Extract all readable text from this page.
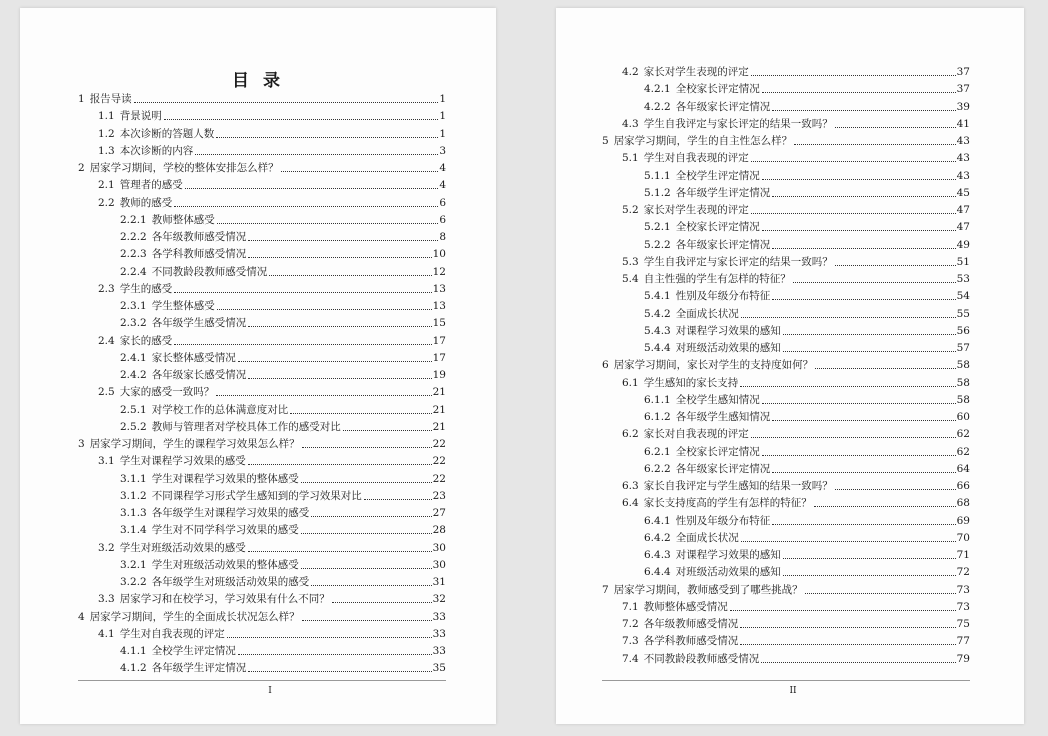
目 录
1 报告导读	1
1.1 背景说明	1
1.2 本次诊断的答题人数	1
1.3 本次诊断的内容	3
2 居家学习期间，学校的整体安排怎么样？	4
2.1 管理者的感受	4
2.2 教师的感受	6
2.2.1 教师整体感受	6
2.2.2 各年级教师感受情况	8
2.2.3 各学科教师感受情况	10
2.2.4 不同教龄段教师感受情况	12
2.3 学生的感受	13
2.3.1 学生整体感受	13
2.3.2 各年级学生感受情况	15
2.4 家长的感受	17
2.4.1 家长整体感受情况	17
2.4.2 各年级家长感受情况	19
2.5 大家的感受一致吗？	21
2.5.1 对学校工作的总体满意度对比	21
2.5.2 教师与管理者对学校具体工作的感受对比	21
3 居家学习期间，学生的课程学习效果怎么样？	22
3.1 学生对课程学习效果的感受	22
3.1.1 学生对课程学习效果的整体感受	22
3.1.2 不同课程学习形式学生感知到的学习效果对比	23
3.1.3 各年级学生对课程学习效果的感受	27
3.1.4 学生对不同学科学习效果的感受	28
3.2 学生对班级活动效果的感受	30
3.2.1 学生对班级活动效果的整体感受	30
3.2.2 各年级学生对班级活动效果的感受	31
3.3 居家学习和在校学习，学习效果有什么不同？	32
4 居家学习期间，学生的全面成长状况怎么样？	33
4.1 学生对自我表现的评定	33
4.1.1 全校学生评定情况	33
4.1.2 各年级学生评定情况	35
I
4.2 家长对学生表现的评定	37
4.2.1 全校家长评定情况	37
4.2.2 各年级家长评定情况	39
4.3 学生自我评定与家长评定的结果一致吗？	41
5 居家学习期间，学生的自主性怎么样？	43
5.1 学生对自我表现的评定	43
5.1.1 全校学生评定情况	43
5.1.2 各年级学生评定情况	45
5.2 家长对学生表现的评定	47
5.2.1 全校家长评定情况	47
5.2.2 各年级家长评定情况	49
5.3 学生自我评定与家长评定的结果一致吗？	51
5.4 自主性强的学生有怎样的特征？	53
5.4.1 性别及年级分布特征	54
5.4.2 全面成长状况	55
5.4.3 对课程学习效果的感知	56
5.4.4 对班级活动效果的感知	57
6 居家学习期间，家长对学生的支持度如何？	58
6.1 学生感知的家长支持	58
6.1.1 全校学生感知情况	58
6.1.2 各年级学生感知情况	60
6.2 家长对自我表现的评定	62
6.2.1 全校家长评定情况	62
6.2.2 各年级家长评定情况	64
6.3 家长自我评定与学生感知的结果一致吗？	66
6.4 家长支持度高的学生有怎样的特征？	68
6.4.1 性别及年级分布特征	69
6.4.2 全面成长状况	70
6.4.3 对课程学习效果的感知	71
6.4.4 对班级活动效果的感知	72
7 居家学习期间，教师感受到了哪些挑战？	73
7.1 教师整体感受情况	73
7.2 各年级教师感受情况	75
7.3 各学科教师感受情况	77
7.4 不同教龄段教师感受情况	79
II
